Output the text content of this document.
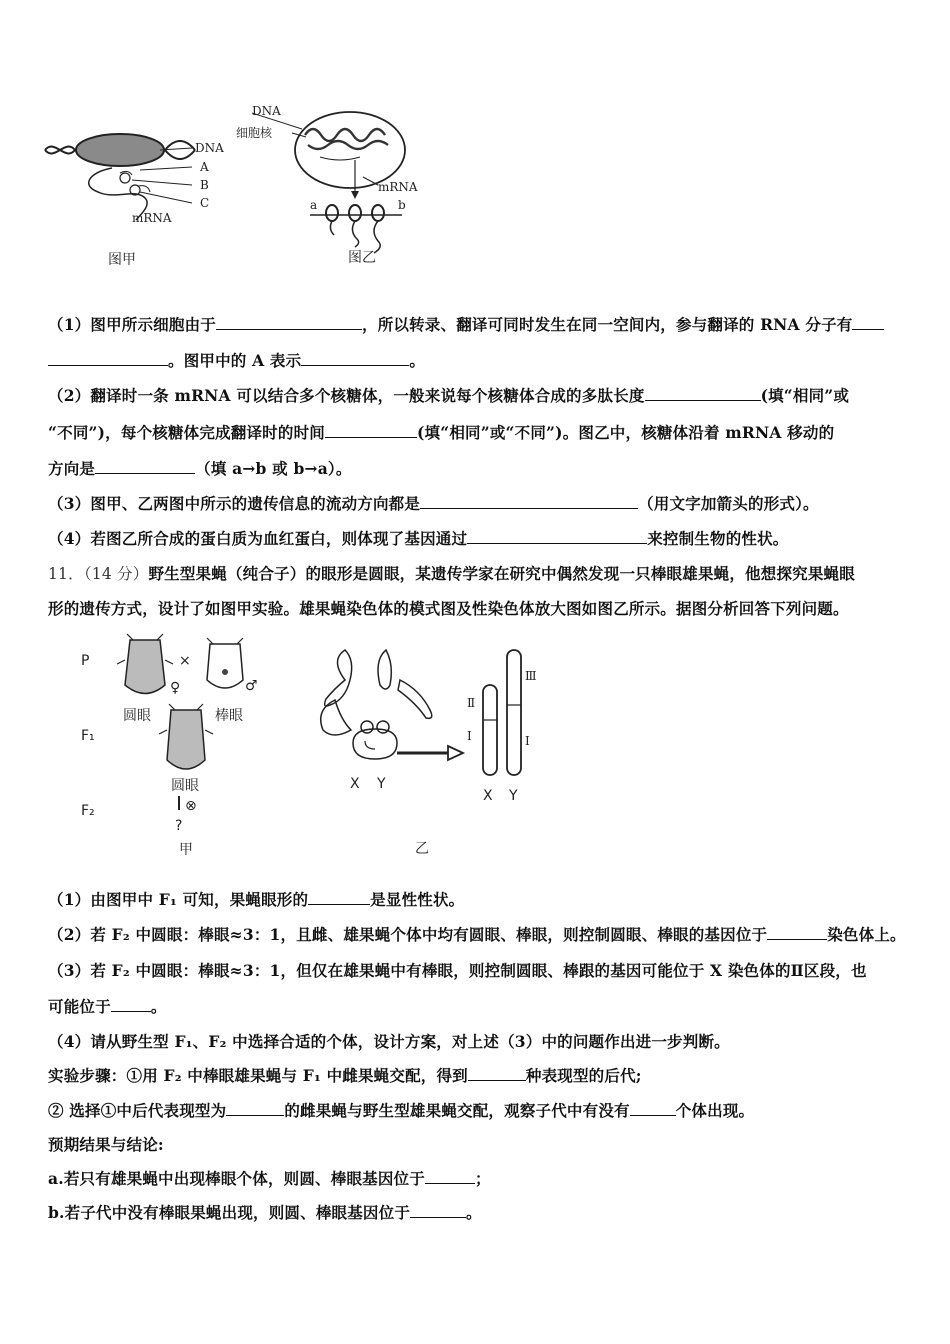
DNA
A
B
C
mRNA
图甲
DNA
细胞核
mRNA
a	b
图乙
（1）图甲所示细胞由于	，所以转录、翻译可同时发生在同一空间内，参与翻译的 RNA 分子有
。图甲中的 A 表示	。
（2）翻译时一条 mRNA 可以结合多个核糖体，一般来说每个核糖体合成的多肽长度	(填“相同”或
“不同”)，每个核糖体完成翻译时的时间	(填“相同”或“不同”)。图乙中，核糖体沿着 mRNA 移动的
方向是	（填 a→b 或 b→a）。
（3）图甲、乙两图中所示的遗传信息的流动方向都是	（用文字加箭头的形式）。
（4）若图乙所合成的蛋白质为血红蛋白，则体现了基因通过	来控制生物的性状。
11．（14 分）野生型果蝇（纯合子）的眼形是圆眼，某遗传学家在研究中偶然发现一只棒眼雄果蝇，他想探究果蝇眼
形的遗传方式，设计了如图甲实验。雄果蝇染色体的模式图及性染色体放大图如图乙所示。据图分析回答下列问题。
P
F₁
F₂
×
♀	♂
圆眼	棒眼
圆眼
⊗
?
甲
X Y
Ⅱ
Ⅰ
Ⅲ
Ⅰ
X Y
乙
（1）由图甲中 F₁ 可知，果蝇眼形的	是显性性状。
（2）若 F₂ 中圆眼：棒眼≈3：1，且雌、雄果蝇个体中均有圆眼、棒眼，则控制圆眼、棒眼的基因位于	染色体上。
（3）若 F₂ 中圆眼：棒眼≈3：1，但仅在雄果蝇中有棒眼，则控制圆眼、棒跟的基因可能位于 X 染色体的Ⅱ区段，也
可能位于	。
（4）请从野生型 F₁、F₂ 中选择合适的个体，设计方案，对上述（3）中的问题作出进一步判断。
实验步骤：①用 F₂ 中棒眼雄果蝇与 F₁ 中雌果蝇交配，得到	种表现型的后代;
② 选择①中后代表现型为	的雌果蝇与野生型雄果蝇交配，观察子代中有没有	个体出现。
预期结果与结论:
a.若只有雄果蝇中出现棒眼个体，则圆、棒眼基因位于	；
b.若子代中没有棒眼果蝇出现，则圆、棒眼基因位于	。
